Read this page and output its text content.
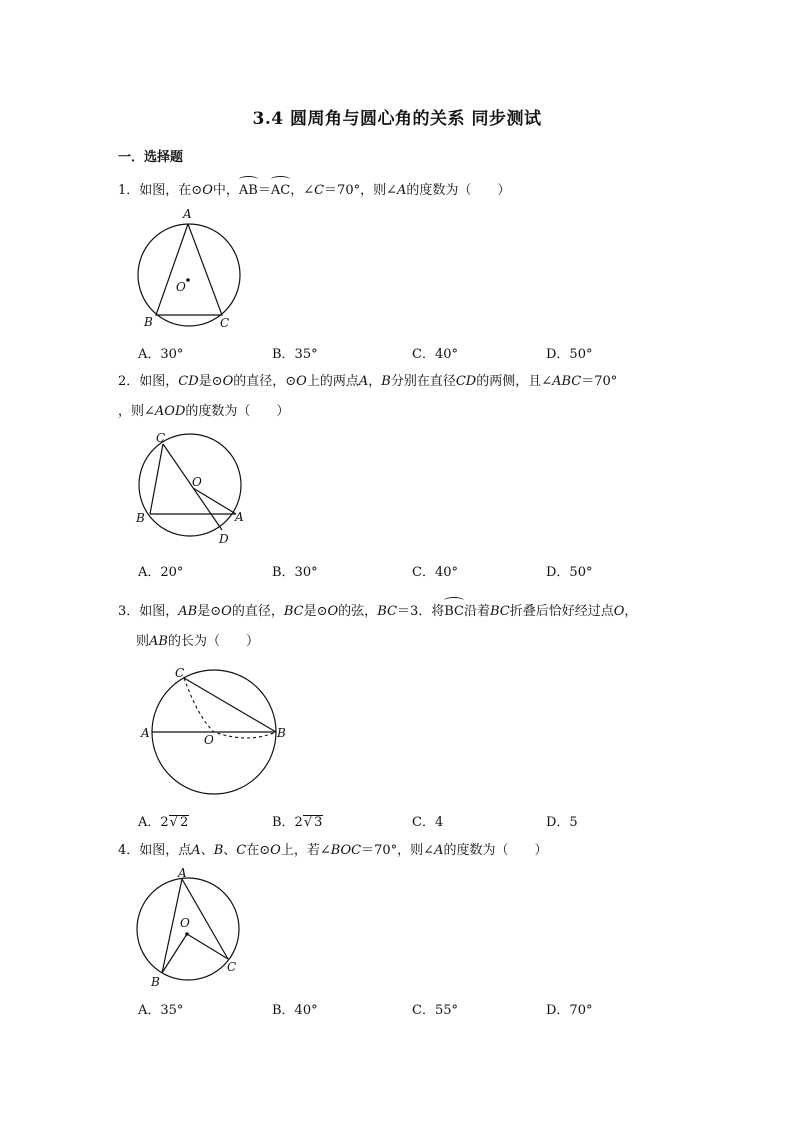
3.4 圆周角与圆心角的关系 同步测试
一．选择题
1．如图，在⊙O中，AB＝AC，∠C＝70°，则∠A的度数为（　　）
A
B	C
O
A．30°	B．35°	C．40°	D．50°
2．如图，CD是⊙O的直径，⊙O上的两点A，B分别在直径CD的两侧，且∠ABC＝70°
，则∠AOD的度数为（　　）
C
B	A
D
O
A．20°	B．30°	C．40°	D．50°
3．如图，AB是⊙O的直径，BC是⊙O的弦，BC＝3．将BC沿着BC折叠后恰好经过点O，
则AB的长为（　　）
C
A	B
O
A．2√ 2	B．2√ 3	C．4	D．5
4．如图，点A、B、C在⊙O上，若∠BOC＝70°，则∠A的度数为（　　）
A
B
C
O
A．35°	B．40°	C．55°	D．70°
